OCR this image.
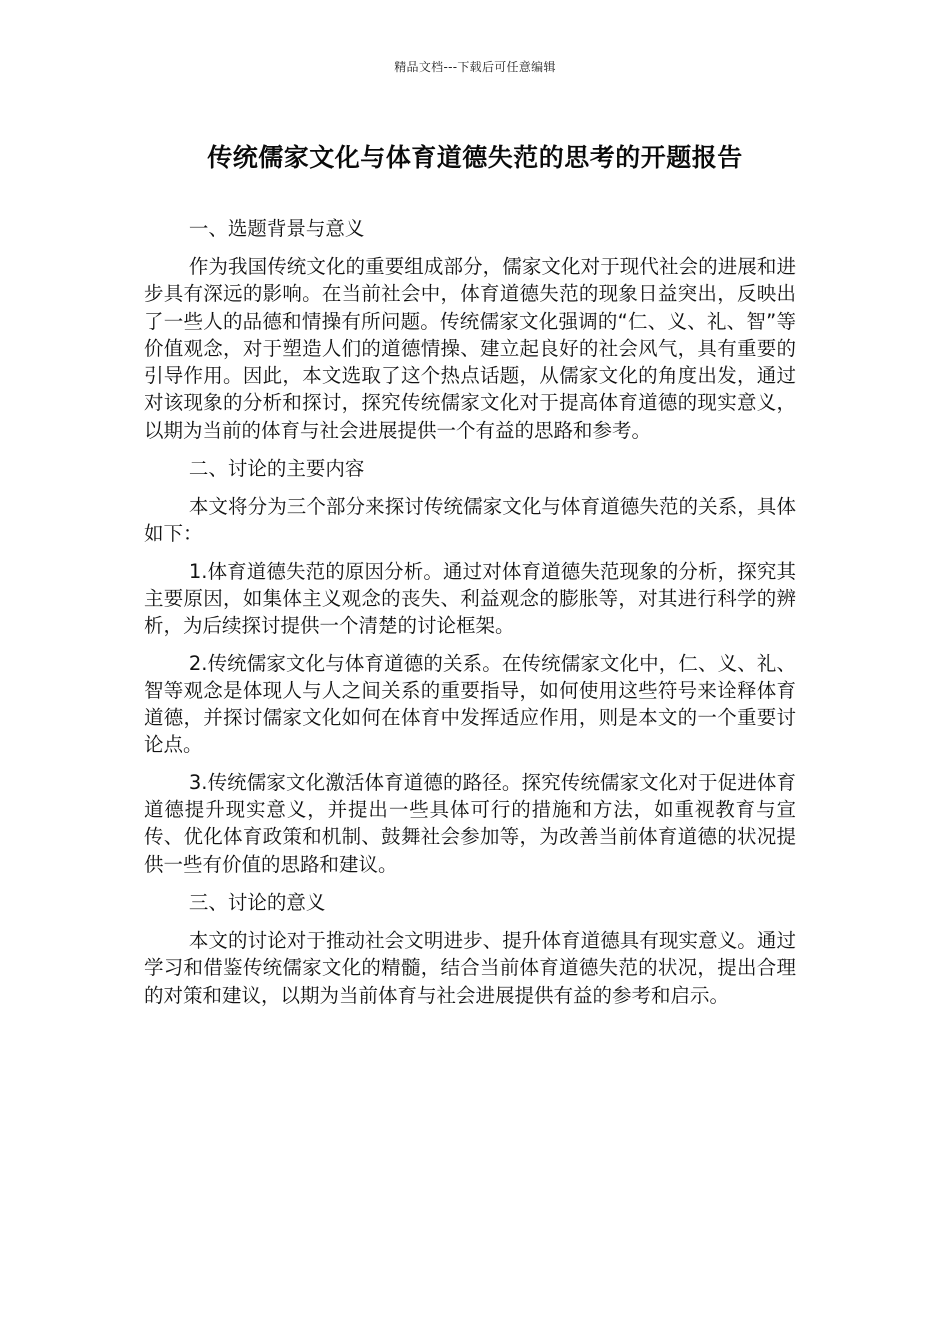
精品文档---下载后可任意编辑
传统儒家文化与体育道德失范的思考的开题报告

一、选题背景与意义

作为我国传统文化的重要组成部分，儒家文化对于现代社会的进展和进步具有深远的影响。在当前社会中，体育道德失范的现象日益突出，反映出了一些人的品德和情操有所问题。传统儒家文化强调的“仁、义、礼、智”等价值观念，对于塑造人们的道德情操、建立起良好的社会风气，具有重要的引导作用。因此，本文选取了这个热点话题，从儒家文化的角度出发，通过对该现象的分析和探讨，探究传统儒家文化对于提高体育道德的现实意义，以期为当前的体育与社会进展提供一个有益的思路和参考。

二、讨论的主要内容

本文将分为三个部分来探讨传统儒家文化与体育道德失范的关系，具体如下：

1.体育道德失范的原因分析。通过对体育道德失范现象的分析，探究其主要原因，如集体主义观念的丧失、利益观念的膨胀等，对其进行科学的辨析，为后续探讨提供一个清楚的讨论框架。

2.传统儒家文化与体育道德的关系。在传统儒家文化中，仁、义、礼、智等观念是体现人与人之间关系的重要指导，如何使用这些符号来诠释体育道德，并探讨儒家文化如何在体育中发挥适应作用，则是本文的一个重要讨论点。

3.传统儒家文化激活体育道德的路径。探究传统儒家文化对于促进体育道德提升现实意义，并提出一些具体可行的措施和方法，如重视教育与宣传、优化体育政策和机制、鼓舞社会参加等，为改善当前体育道德的状况提供一些有价值的思路和建议。

三、讨论的意义

本文的讨论对于推动社会文明进步、提升体育道德具有现实意义。通过学习和借鉴传统儒家文化的精髓，结合当前体育道德失范的状况，提出合理的对策和建议，以期为当前体育与社会进展提供有益的参考和启示。
